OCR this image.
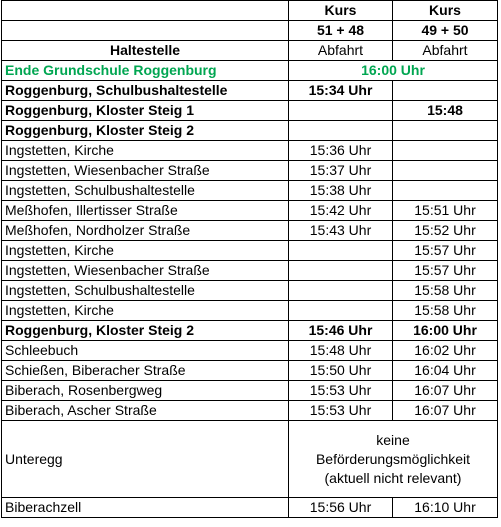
	Kurs	Kurs
	51 + 48	49 + 50
Haltestelle	Abfahrt	Abfahrt
Ende Grundschule Roggenburg	16:00 Uhr	
Roggenburg, Schulbushaltestelle	15:34 Uhr	
Roggenburg, Kloster Steig 1		15:48
Roggenburg, Kloster Steig 2		
Ingstetten, Kirche	15:36 Uhr	
Ingstetten, Wiesenbacher Straße	15:37 Uhr	
Ingstetten, Schulbushaltestelle	15:38 Uhr	
Meßhofen, Illertisser Straße	15:42 Uhr	15:51 Uhr
Meßhofen, Nordholzer Straße	15:43 Uhr	15:52 Uhr
Ingstetten, Kirche		15:57 Uhr
Ingstetten, Wiesenbacher Straße		15:57 Uhr
Ingstetten, Schulbushaltestelle		15:58 Uhr
Ingstetten, Kirche		15:58 Uhr
Roggenburg, Kloster Steig 2	15:46 Uhr	16:00 Uhr
Schleebuch	15:48 Uhr	16:02 Uhr
Schießen, Biberacher Straße	15:50 Uhr	16:04 Uhr
Biberach, Rosenbergweg	15:53 Uhr	16:07 Uhr
Biberach, Ascher Straße	15:53 Uhr	16:07 Uhr
Unteregg	keine
Beförderungsmöglichkeit
(aktuell nicht relevant)	

Biberachzell	15:56 Uhr	16:10 Uhr
